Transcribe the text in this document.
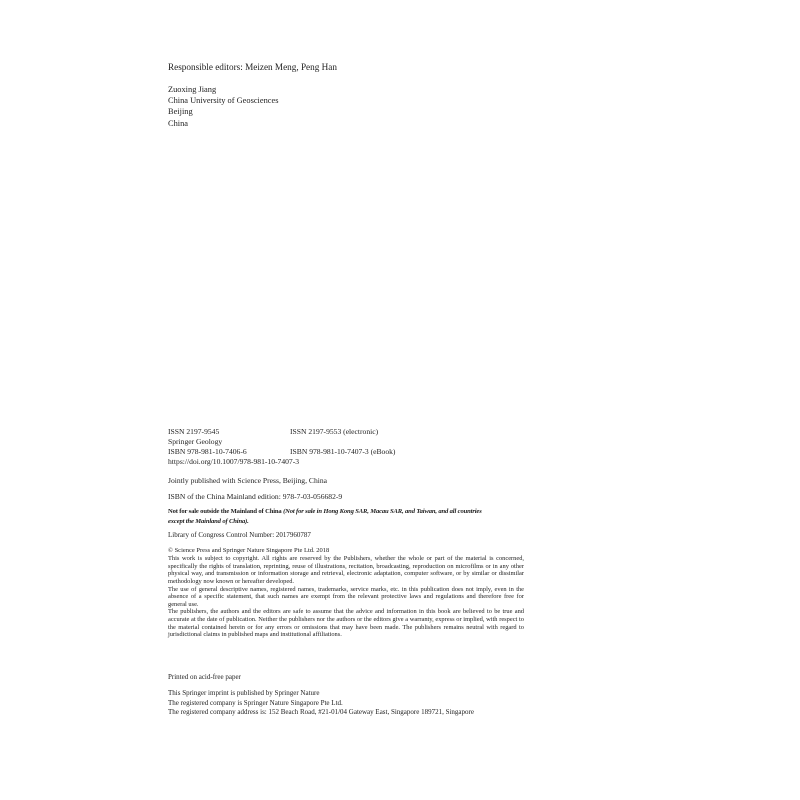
Responsible editors: Meizen Meng, Peng Han
Zuoxing Jiang
China University of Geosciences
Beijing
China
ISSN 2197-9545	ISSN 2197-9553 (electronic)
Springer Geology
ISBN 978-981-10-7406-6	ISBN 978-981-10-7407-3 (eBook)
https://doi.org/10.1007/978-981-10-7407-3
Jointly published with Science Press, Beijing, China
ISBN of the China Mainland edition: 978-7-03-056682-9
Not for sale outside the Mainland of China (Not for sale in Hong Kong SAR, Macau SAR, and Taiwan, and all countries
except the Mainland of China).
Library of Congress Control Number: 2017960787
© Science Press and Springer Nature Singapore Pte Ltd. 2018

This work is subject to copyright. All rights are reserved by the Publishers, whether the whole or part of the material is concerned, specifically the rights of translation, reprinting, reuse of illustrations, recitation, broadcasting, reproduction on microfilms or in any other physical way, and transmission or information storage and retrieval, electronic adaptation, computer software, or by similar or dissimilar methodology now known or hereafter developed.

The use of general descriptive names, registered names, trademarks, service marks, etc. in this publication does not imply, even in the absence of a specific statement, that such names are exempt from the relevant protective laws and regulations and therefore free for general use.

The publishers, the authors and the editors are safe to assume that the advice and information in this book are believed to be true and accurate at the date of publication. Neither the publishers nor the authors or the editors give a warranty, express or implied, with respect to the material contained herein or for any errors or omissions that may have been made. The publishers remains neutral with regard to jurisdictional claims in published maps and institutional affiliations.

Printed on acid-free paper
This Springer imprint is published by Springer Nature
The registered company is Springer Nature Singapore Pte Ltd.
The registered company address is: 152 Beach Road, #21-01/04 Gateway East, Singapore 189721, Singapore
